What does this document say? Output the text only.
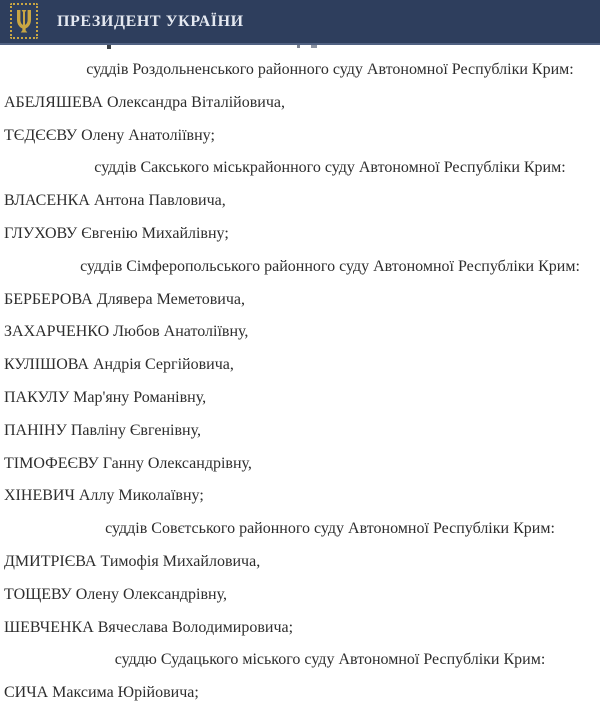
ПРЕЗИДЕНТ УКРАЇНИ

суддів Роздольненського районного суду Автономної Республіки Крим:

АБЕЛЯШЕВА Олександра Віталійовича,

ТЄДЄЄВУ Олену Анатоліївну;

суддів Сакського міськрайонного суду Автономної Республіки Крим:

ВЛАСЕНКА Антона Павловича,

ГЛУХОВУ Євгенію Михайлівну;

суддів Сімферопольського районного суду Автономної Республіки Крим:

БЕРБЕРОВА Длявера Меметовича,

ЗАХАРЧЕНКО Любов Анатоліївну,

КУЛІШОВА Андрія Сергійовича,

ПАКУЛУ Мар'яну Романівну,

ПАНІНУ Павліну Євгенівну,

ТІМОФЕЄВУ Ганну Олександрівну,

ХІНЕВИЧ Аллу Миколаївну;

суддів Совєтського районного суду Автономної Республіки Крим:

ДМИТРІЄВА Тимофія Михайловича,

ТОЩЕВУ Олену Олександрівну,

ШЕВЧЕНКА Вячеслава Володимировича;

суддю Судацького міського суду Автономної Республіки Крим:

СИЧА Максима Юрійовича;
